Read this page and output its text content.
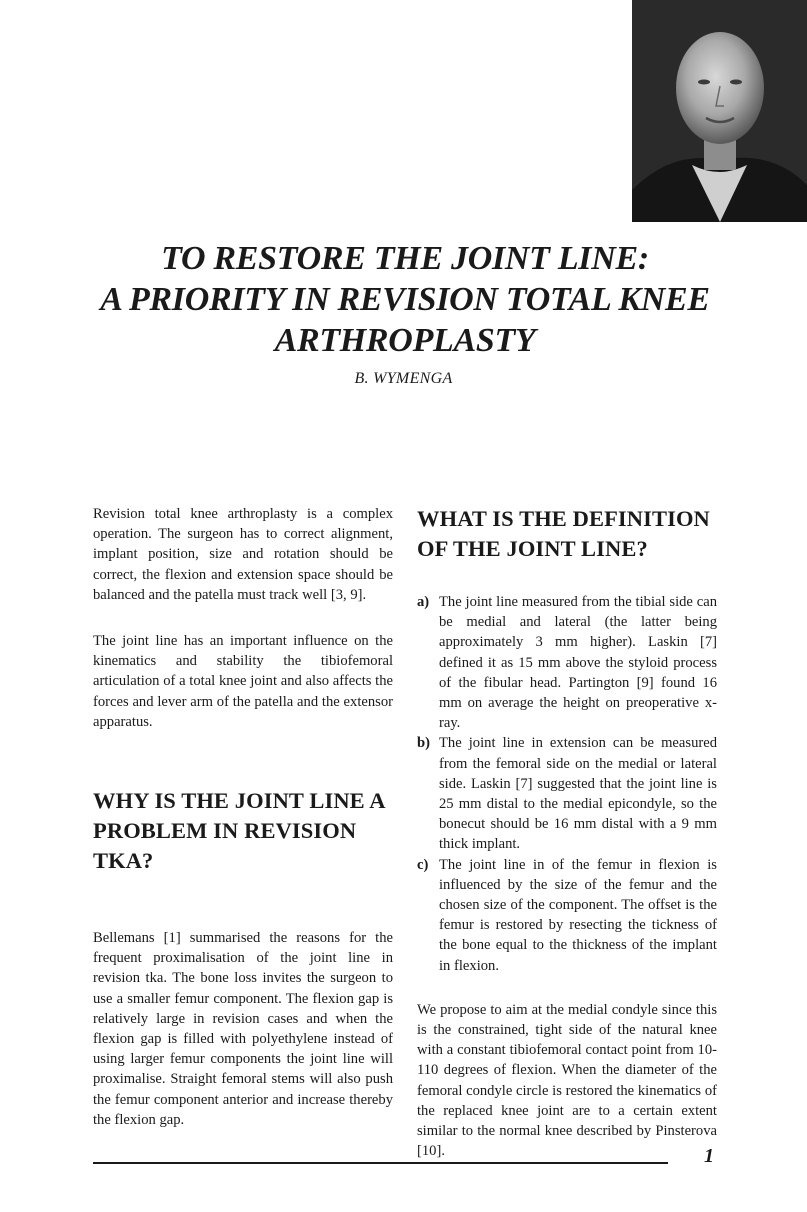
TO RESTORE THE JOINT LINE:
A PRIORITY IN REVISION TOTAL KNEE
ARTHROPLASTY
B. WYMENGA

Revision total knee arthroplasty is a complex operation. The surgeon has to correct alignment, implant position, size and rotation should be correct, the flexion and extension space should be balanced and the patella must track well [3, 9].

The joint line has an important influence on the kinematics and stability the tibiofemoral articulation of a total knee joint and also affects the forces and lever arm of the patella and the extensor apparatus.

WHY IS THE JOINT LINE A PROBLEM IN REVISION TKA?

Bellemans [1] summarised the reasons for the frequent proximalisation of the joint line in revision tka. The bone loss invites the surgeon to use a smaller femur component. The flexion gap is relatively large in revision cases and when the flexion gap is filled with polyethylene instead of using larger femur components the joint line will proximalise. Straight femoral stems will also push the femur component anterior and increase thereby the flexion gap.

WHAT IS THE DEFINITION OF THE JOINT LINE?
a) The joint line measured from the tibial side can be medial and lateral (the latter being approximately 3 mm higher). Laskin [7] defined it as 15 mm above the styloid process of the fibular head. Partington [9] found 16 mm on average the height on preoperative x-ray.
b) The joint line in extension can be measured from the femoral side on the medial or lateral side. Laskin [7] suggested that the joint line is 25 mm distal to the medial epicondyle, so the bonecut should be 16 mm distal with a 9 mm thick implant.
c) The joint line in of the femur in flexion is influenced by the size of the femur and the chosen size of the component. The offset is the femur is restored by resecting the tickness of the bone equal to the thickness of the implant in flexion.

We propose to aim at the medial condyle since this is the constrained, tight side of the natural knee with a constant tibiofemoral contact point from 10-110 degrees of flexion. When the diameter of the femoral condyle circle is restored the kinematics of the replaced knee joint are to a certain extent similar to the normal knee described by Pinsterova [10].	1
